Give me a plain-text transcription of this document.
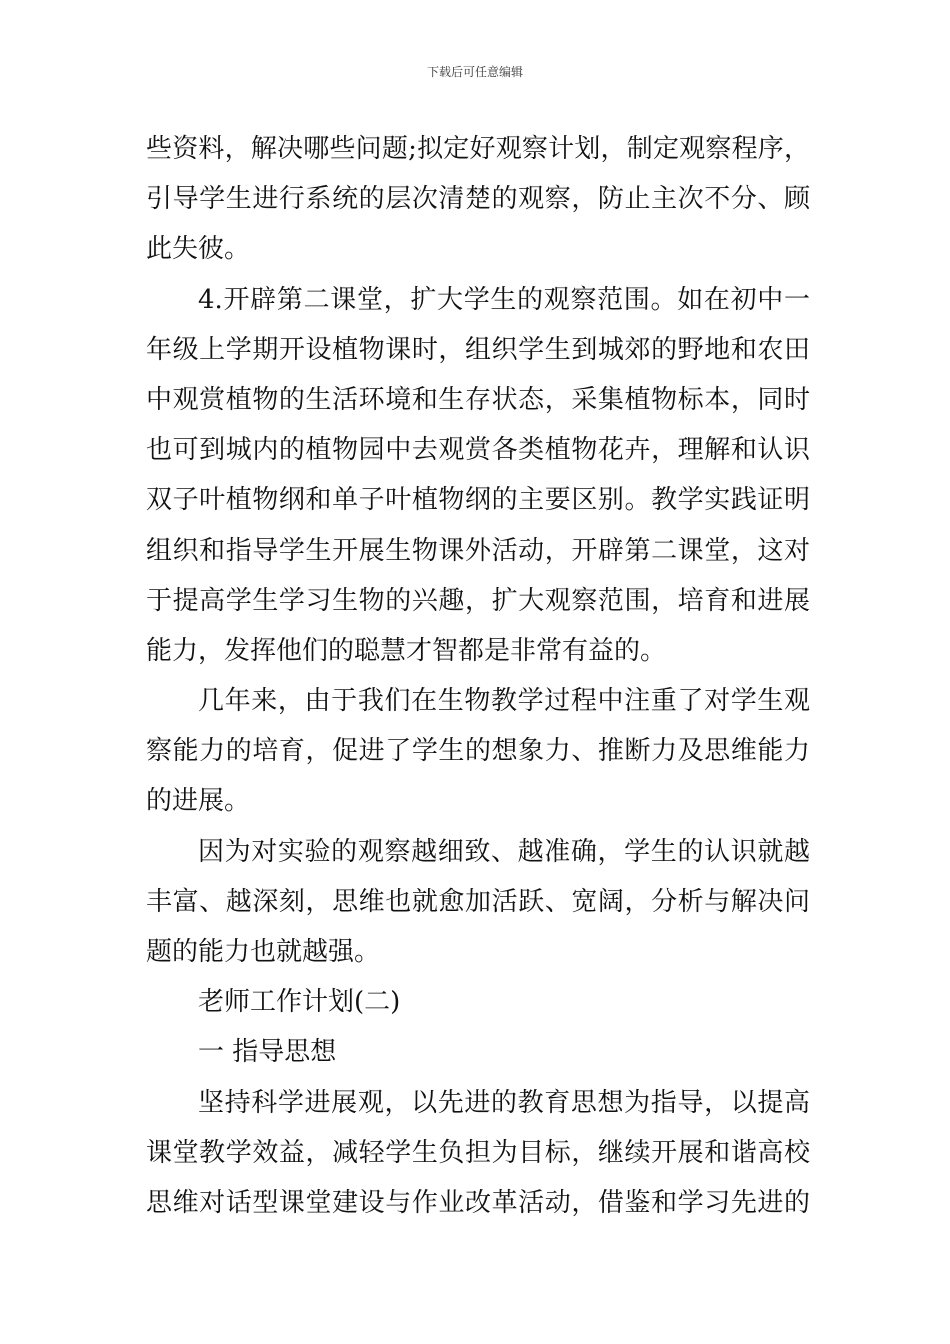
下载后可任意编辑
些资料，解决哪些问题;拟定好观察计划，制定观察程序，
引导学生进行系统的层次清楚的观察，防止主次不分、顾
此失彼。
4.开辟第二课堂，扩大学生的观察范围。如在初中一
年级上学期开设植物课时，组织学生到城郊的野地和农田
中观赏植物的生活环境和生存状态，采集植物标本，同时
也可到城内的植物园中去观赏各类植物花卉，理解和认识
双子叶植物纲和单子叶植物纲的主要区别。教学实践证明
组织和指导学生开展生物课外活动，开辟第二课堂，这对
于提高学生学习生物的兴趣，扩大观察范围，培育和进展
能力，发挥他们的聪慧才智都是非常有益的。
几年来，由于我们在生物教学过程中注重了对学生观
察能力的培育，促进了学生的想象力、推断力及思维能力
的进展。
因为对实验的观察越细致、越准确，学生的认识就越
丰富、越深刻，思维也就愈加活跃、宽阔，分析与解决问
题的能力也就越强。
老师工作计划(二)
一 指导思想
坚持科学进展观，以先进的教育思想为指导，以提高
课堂教学效益，减轻学生负担为目标，继续开展和谐高校
思维对话型课堂建设与作业改革活动，借鉴和学习先进的
